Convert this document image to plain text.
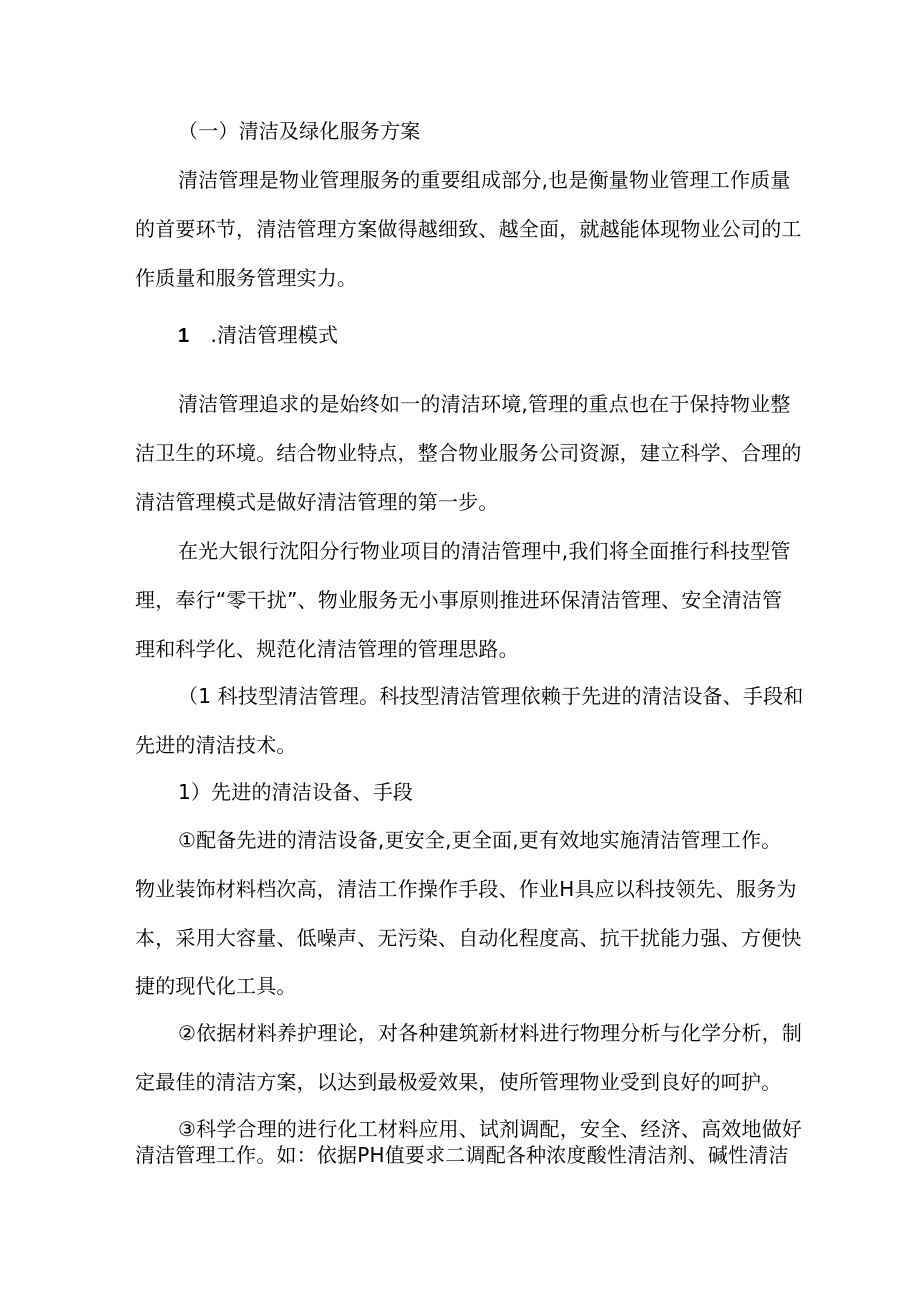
（一）清洁及绿化服务方案
清洁管理是物业管理服务的重要组成部分,也是衡量物业管理工作质量
的首要环节，清洁管理方案做得越细致、越全面，就越能体现物业公司的工
作质量和服务管理实力。
1 .清洁管理模式
清洁管理追求的是始终如一的清洁环境,管理的重点也在于保持物业整
洁卫生的环境。结合物业特点，整合物业服务公司资源，建立科学、合理的
清洁管理模式是做好清洁管理的第一步。
在光大银行沈阳分行物业项目的清洁管理中,我们将全面推行科技型管
理，奉行“零干扰”、物业服务无小事原则推进环保清洁管理、安全清洁管
理和科学化、规范化清洁管理的管理思路。
（1 科技型清洁管理。科技型清洁管理依赖于先进的清洁设备、手段和
先进的清洁技术。
1）先进的清洁设备、手段
①配备先进的清洁设备,更安全,更全面,更有效地实施清洁管理工作。
物业装饰材料档次高，清洁工作操作手段、作业Η具应以科技领先、服务为
本，采用大容量、低噪声、无污染、自动化程度高、抗干扰能力强、方便快
捷的现代化工具。
②依据材料养护理论，对各种建筑新材料进行物理分析与化学分析，制
定最佳的清洁方案，以达到最极爱效果，使所管理物业受到良好的呵护。
③科学合理的进行化工材料应用、试剂调配，安全、经济、高效地做好
清洁管理工作。如：依据PH值要求二调配各种浓度酸性清洁剂、碱性清洁
